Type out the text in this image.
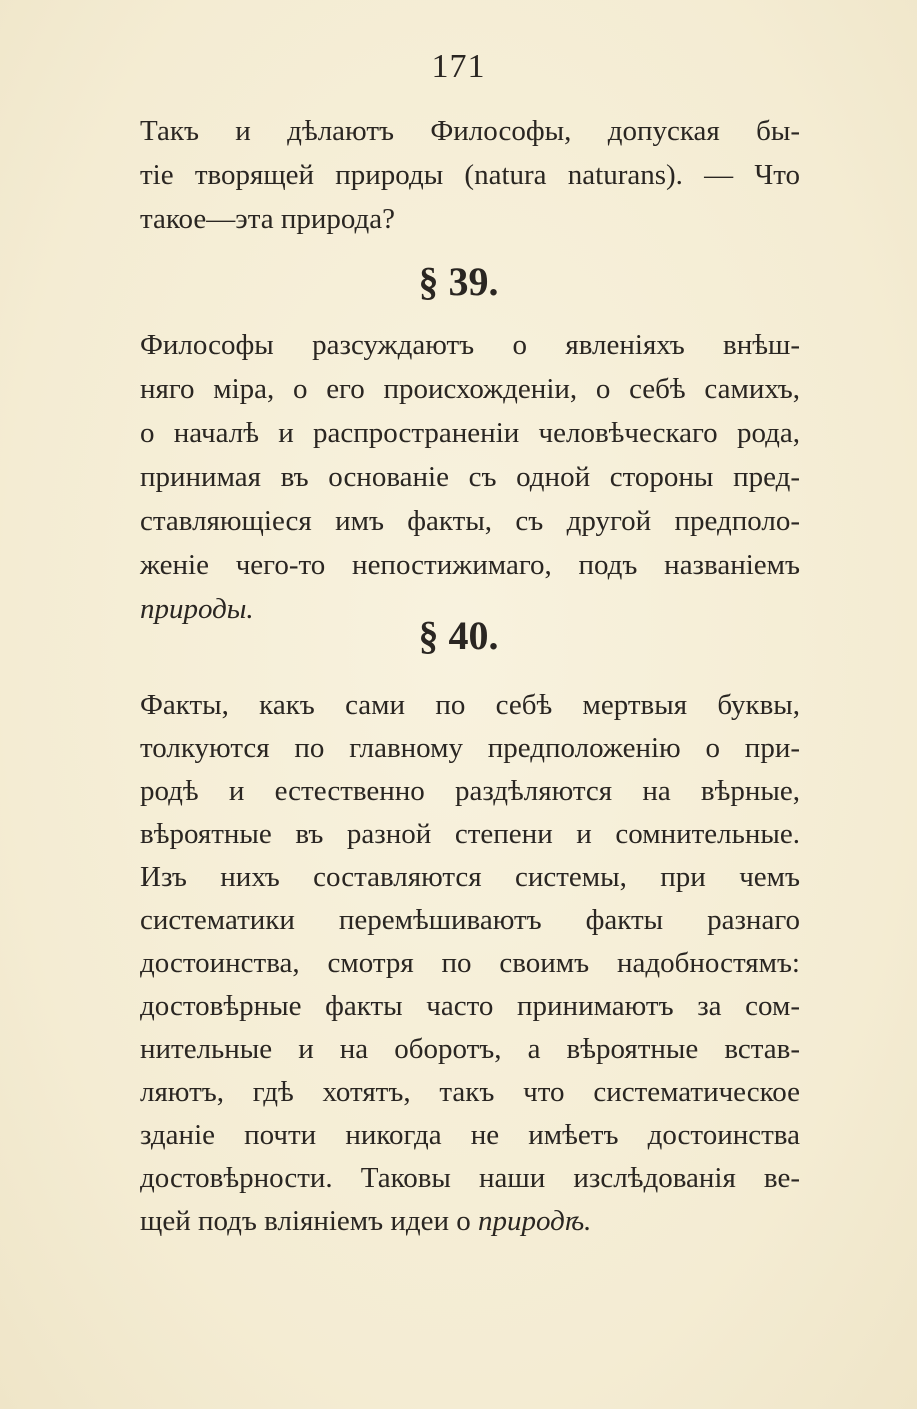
171
Такъ и дѣлаютъ Философы, допуская бы-
тіе творящей природы (natura naturans). — Что
такое—эта природа?
§ 39.
Философы разсуждаютъ о явленіяхъ внѣш-
няго міра, о его происхожденіи, о себѣ самихъ,
о началѣ и распространеніи человѣческаго рода,
принимая въ основаніе съ одной стороны пред-
ставляющіеся имъ факты, съ другой предполо-
женіе чего-то непостижимаго, подъ названіемъ
природы.
§ 40.
Факты, какъ сами по себѣ мертвыя буквы,
толкуются по главному предположенію о при-
родѣ и естественно раздѣляются на вѣрные,
вѣроятные въ разной степени и сомнительные.
Изъ нихъ составляются системы, при чемъ
систематики перемѣшиваютъ факты разнаго
достоинства, смотря по своимъ надобностямъ:
достовѣрные факты часто принимаютъ за сом-
нительные и на оборотъ, а вѣроятные встав-
ляютъ, гдѣ хотятъ, такъ что систематическое
зданіе почти никогда не имѣетъ достоинства
достовѣрности. Таковы наши изслѣдованія ве-
щей подъ вліяніемъ идеи о природѣ.
